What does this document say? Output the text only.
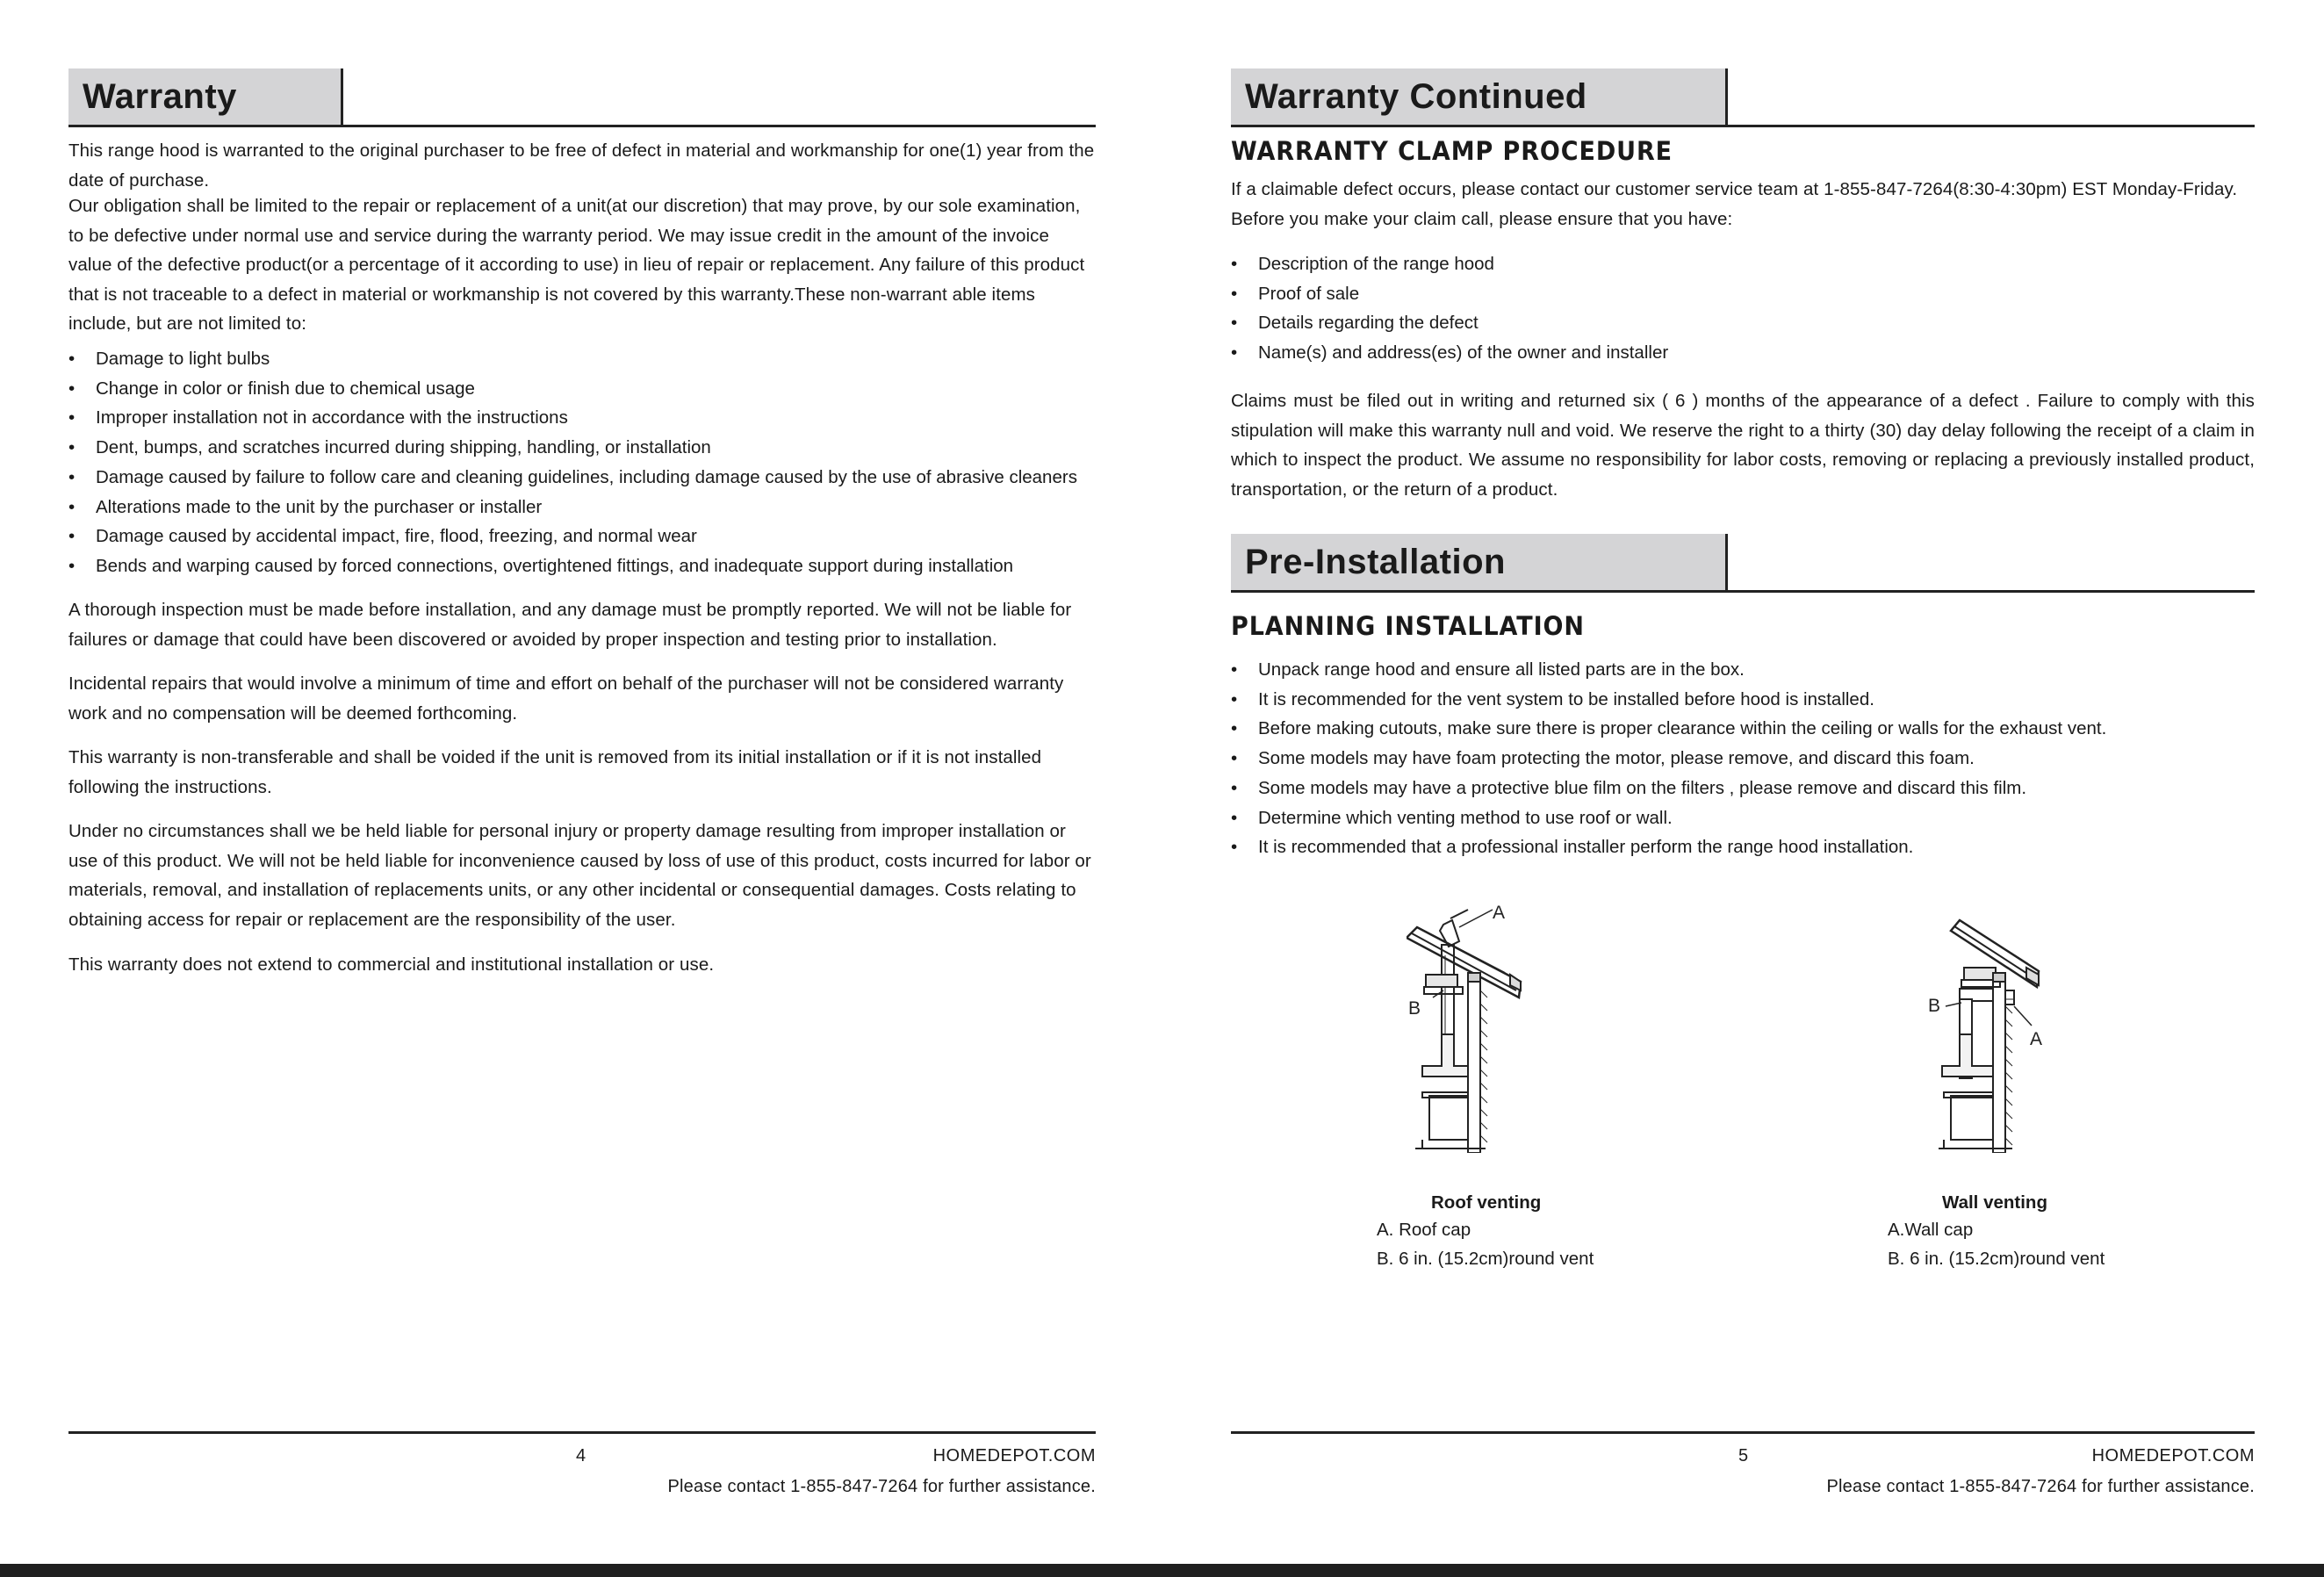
Warranty

This range hood is warranted to the original purchaser to be free of defect in material and workmanship for one(1) year from the date of purchase.

Our obligation shall be limited to the repair or replacement of a unit(at our discretion) that may prove, by our sole examination, to be defective under normal use and service during the warranty period. We may issue credit in the amount of the invoice value of the defective product(or a percentage of it according to use) in lieu of repair or replacement. Any failure of this product that is not traceable to a defect in material or workmanship is not covered by this warranty.These non-warrant able items include, but are not limited to:

• Damage to light bulbs
• Change in color or finish due to chemical usage
• Improper installation not in accordance with the instructions
• Dent, bumps, and scratches incurred during shipping, handling, or installation
• Damage caused by failure to follow care and cleaning guidelines, including damage caused by the use of abrasive cleaners
• Alterations made to the unit by the purchaser or installer
• Damage caused by accidental impact, fire, flood, freezing, and normal wear
• Bends and warping caused by forced connections, overtightened fittings, and inadequate support during installation

A thorough inspection must be made before installation, and any damage must be promptly reported. We will not be liable for failures or damage that could have been discovered or avoided by proper inspection and testing prior to installation.

Incidental repairs that would involve a minimum of time and effort on behalf of the purchaser will not be considered warranty work and no compensation will be deemed forthcoming.

This warranty is non-transferable and shall be voided if the unit is removed from its initial installation or if it is not installed following the instructions.

Under no circumstances shall we be held liable for personal injury or property damage resulting from improper installation or use of this product. We will not be held liable for inconvenience caused by loss of use of this product, costs incurred for labor or materials, removal, and installation of replacements units, or any other incidental or consequential damages. Costs relating to obtaining access for repair or replacement are the responsibility of the user.

This warranty does not extend to commercial and institutional installation or use.

4	HOMEDEPOT.COM
Please contact 1-855-847-7264 for further assistance.
Warranty Continued
WARRANTY CLAMP PROCEDURE

If a claimable defect occurs, please contact our customer service team at 1-855-847-7264(8:30-4:30pm) EST Monday-Friday. Before you make your claim call, please ensure that you have:

• Description of the range hood
• Proof of sale
• Details regarding the defect
• Name(s) and address(es) of the owner and installer

Claims must be filed out in writing and returned six ( 6 ) months of the appearance of a defect . Failure to comply with this stipulation will make this warranty null and void. We reserve the right to a thirty (30) day delay following the receipt of a claim in which to inspect the product. We assume no responsibility for labor costs, removing or replacing a previously installed product, transportation, or the return of a product.

Pre-Installation
PLANNING INSTALLATION
• Unpack range hood and ensure all listed parts are in the box.
• It is recommended for the vent system to be installed before hood is installed.
• Before making cutouts, make sure there is proper clearance within the ceiling or walls for the exhaust vent.
• Some models may have foam protecting the motor, please remove, and discard this foam.
• Some models may have a protective blue film on the filters , please remove and discard this film.
• Determine which venting method to use roof or wall.
• It is recommended that a professional installer perform the range hood installation.
A
B
A
B
Roof venting
A. Roof cap
B. 6 in. (15.2cm)round vent
Wall venting
A.Wall cap
B. 6 in. (15.2cm)round vent
5	HOMEDEPOT.COM
Please contact 1-855-847-7264 for further assistance.
